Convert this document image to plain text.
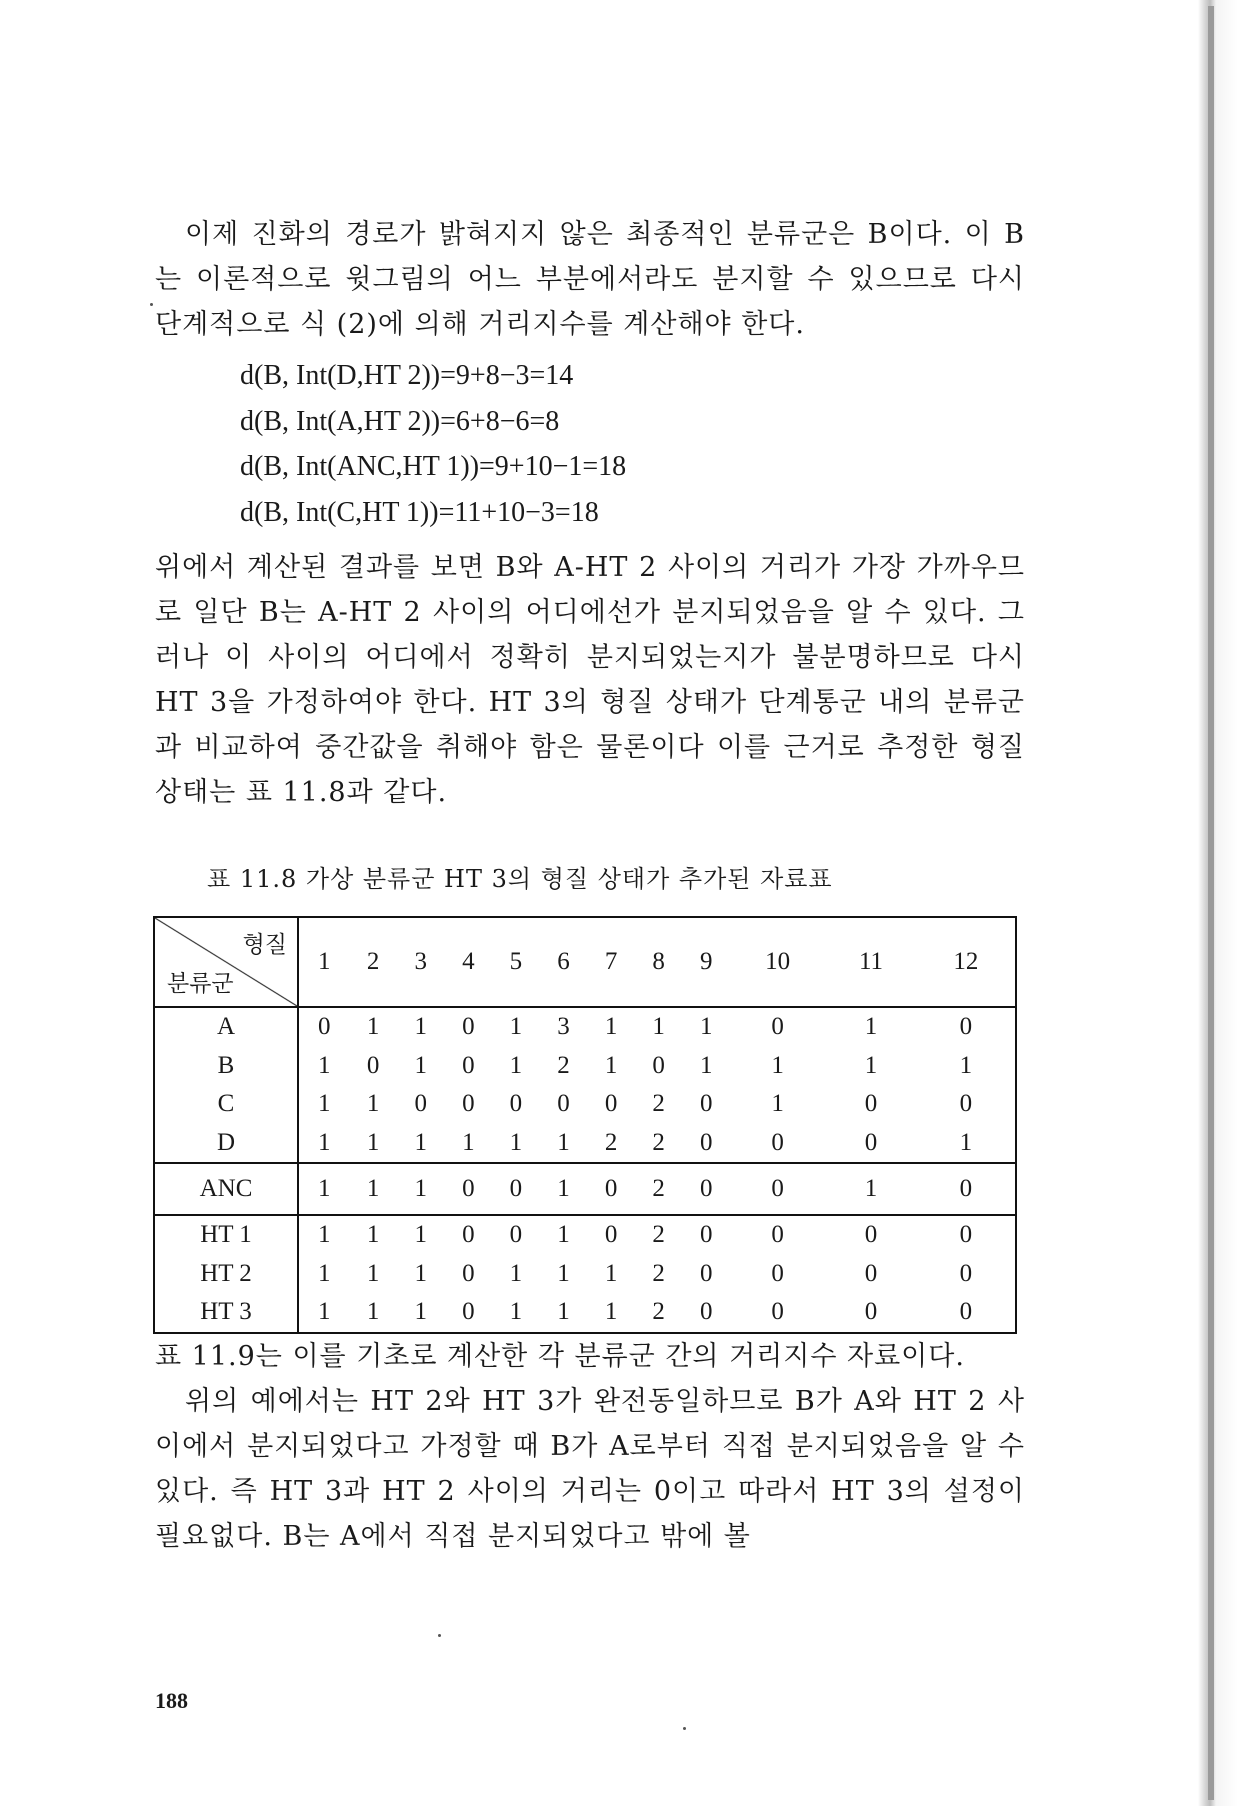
이제 진화의 경로가 밝혀지지 않은 최종적인 분류군은 B이다. 이 B는 이론적으로 윗그림의 어느 부분에서라도 분지할 수 있으므로 다시 단계적으로 식 (2)에 의해 거리지수를 계산해야 한다.

d(B, Int(D,HT 2))=9+8−3=14
d(B, Int(A,HT 2))=6+8−6=8
d(B, Int(ANC,HT 1))=9+10−1=18
d(B, Int(C,HT 1))=11+10−3=18

위에서 계산된 결과를 보면 B와 A-HT 2 사이의 거리가 가장 가까우므로 일단 B는 A-HT 2 사이의 어디에선가 분지되었음을 알 수 있다. 그러나 이 사이의 어디에서 정확히 분지되었는지가 불분명하므로 다시 HT 3을 가정하여야 한다. HT 3의 형질 상태가 단계통군 내의 분류군과 비교하여 중간값을 취해야 함은 물론이다 이를 근거로 추정한 형질 상태는 표 11.8과 같다.

표 11.8 가상 분류군 HT 3의 형질 상태가 추가된 자료표
형질
분류군	1	2	3	4	5	6	7	8	9	10	11	12
A	0	1	1	0	1	3	1	1	1	0	1	0
B	1	0	1	0	1	2	1	0	1	1	1	1
C	1	1	0	0	0	0	0	2	0	1	0	0
D	1	1	1	1	1	1	2	2	0	0	0	1
ANC	1	1	1	0	0	1	0	2	0	0	1	0
HT 1	1	1	1	0	0	1	0	2	0	0	0	0
HT 2	1	1	1	0	1	1	1	2	0	0	0	0
HT 3	1	1	1	0	1	1	1	2	0	0	0	0

표 11.9는 이를 기초로 계산한 각 분류군 간의 거리지수 자료이다.

위의 예에서는 HT 2와 HT 3가 완전동일하므로 B가 A와 HT 2 사이에서 분지되었다고 가정할 때 B가 A로부터 직접 분지되었음을 알 수 있다. 즉 HT 3과 HT 2 사이의 거리는 0이고 따라서 HT 3의 설정이 필요없다. B는 A에서 직접 분지되었다고 밖에 볼

188
